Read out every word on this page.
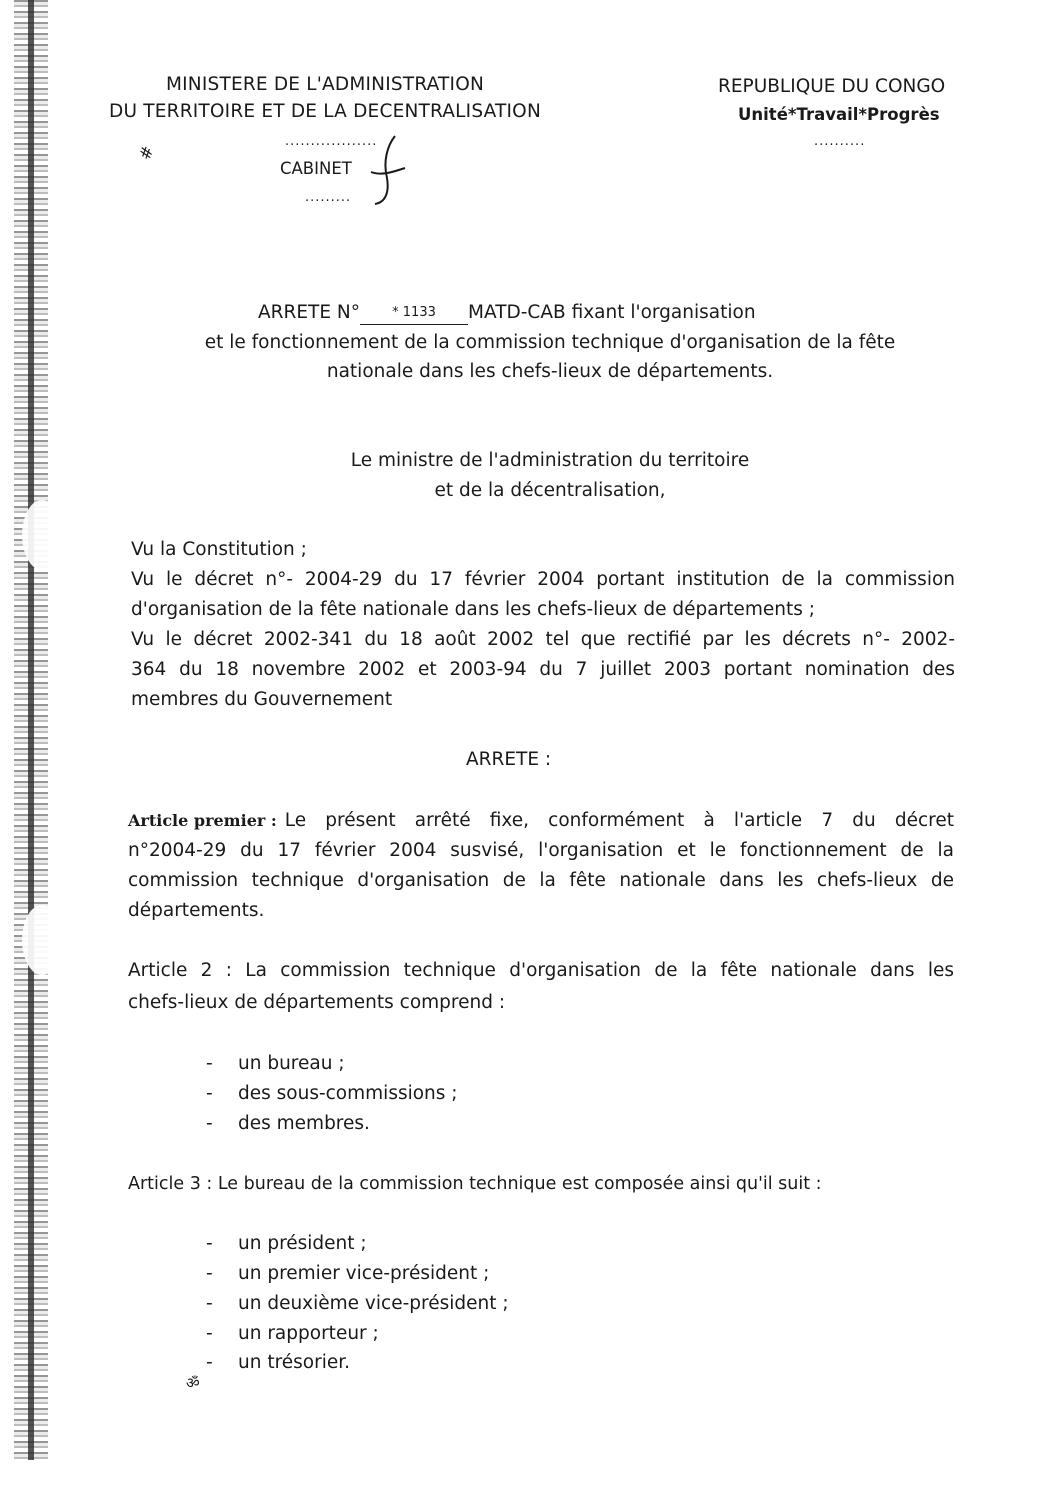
MINISTERE DE L'ADMINISTRATION
DU TERRITOIRE ET DE LA DECENTRALISATION
..................
CABINET
.........
#
REPUBLIQUE DU CONGO
Unité*Travail*Progrès
..........
ARRETE N° * 1133 MATD-CAB fixant l'organisation
et le fonctionnement de la commission technique d'organisation de la fête
nationale dans les chefs-lieux de départements.
Le ministre de l'administration du territoire
et de la décentralisation,
Vu la Constitution ;
Vu le décret n°- 2004-29 du 17 février 2004 portant institution de la commission
d'organisation de la fête nationale dans les chefs-lieux de départements ;
Vu le décret 2002-341 du 18 août 2002 tel que rectifié par les décrets n°- 2002-
364 du 18 novembre 2002 et 2003-94 du 7 juillet 2003 portant nomination des
membres du Gouvernement
ARRETE :
Article premier : Le présent arrêté fixe, conformément à l'article 7 du décret
n°2004-29 du 17 février 2004 susvisé, l'organisation et le fonctionnement de la
commission technique d'organisation de la fête nationale dans les chefs-lieux de
départements.
Article 2 : La commission technique d'organisation de la fête nationale dans les
chefs-lieux de départements comprend :
- un bureau ;
- des sous-commissions ;
- des membres.
Article 3 : Le bureau de la commission technique est composée ainsi qu'il suit :
- un président ;
- un premier vice-président ;
- un deuxième vice-président ;
- un rapporteur ;
- un trésorier.
ॐ
